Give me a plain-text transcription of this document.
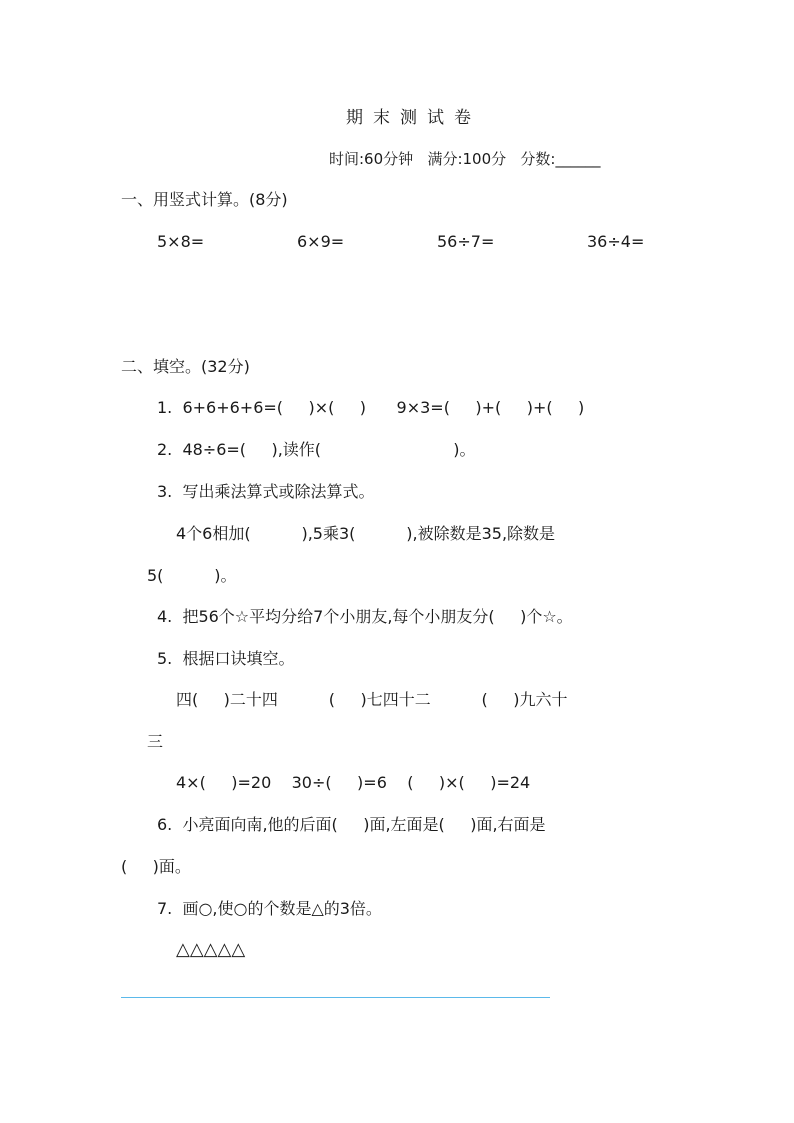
期末测试卷
时间:60分钟   满分:100分   分数:______
一、用竖式计算。(8分)
5×8=	6×9=	56÷7=	36÷4=
二、填空。(32分)
1.  6+6+6+6=(     )×(     )      9×3=(     )+(     )+(     )
2.  48÷6=(     ),读作(                          )。
3.  写出乘法算式或除法算式。
4个6相加(          ),5乘3(          ),被除数是35,除数是
5(          )。
4.  把56个☆平均分给7个小朋友,每个小朋友分(     )个☆。
5.  根据口诀填空。
四(     )二十四          (     )七四十二          (     )九六十
三
4×(     )=20    30÷(     )=6    (     )×(     )=24
6.  小亮面向南,他的后面(     )面,左面是(     )面,右面是
(     )面。
7.  画○,使○的个数是△的3倍。
△△△△△
